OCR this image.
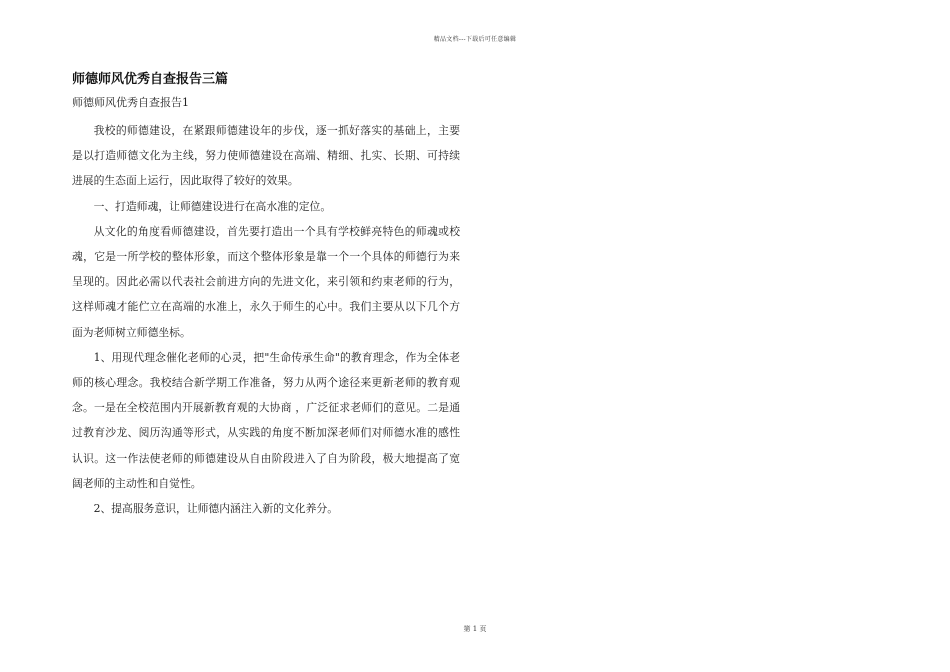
精品文档---下载后可任意编辑
师德师风优秀自查报告三篇
师德师风优秀自查报告1

我校的师德建设，在紧跟师德建设年的步伐，逐一抓好落实的基础上，主要是以打造师德文化为主线，努力使师德建设在高端、精细、扎实、长期、可持续进展的生态面上运行，因此取得了较好的效果。

一、打造师魂，让师德建设进行在高水准的定位。

从文化的角度看师德建设，首先要打造出一个具有学校鲜亮特色的师魂或校魂，它是一所学校的整体形象，而这个整体形象是靠一个一个具体的师德行为来呈现的。因此必需以代表社会前进方向的先进文化，来引领和约束老师的行为，这样师魂才能伫立在高端的水准上，永久于师生的心中。我们主要从以下几个方面为老师树立师德坐标。

1、用现代理念催化老师的心灵，把"生命传承生命"的教育理念，作为全体老师的核心理念。我校结合新学期工作准备，努力从两个途径来更新老师的教育观念。一是在全校范围内开展新教育观的大协商 ，广泛征求老师们的意见。二是通过教育沙龙、阅历沟通等形式，从实践的角度不断加深老师们对师德水准的感性认识。这一作法使老师的师德建设从自由阶段进入了自为阶段，极大地提高了宽阔老师的主动性和自觉性。

2、提高服务意识，让师德内涵注入新的文化养分。

第 1 页
